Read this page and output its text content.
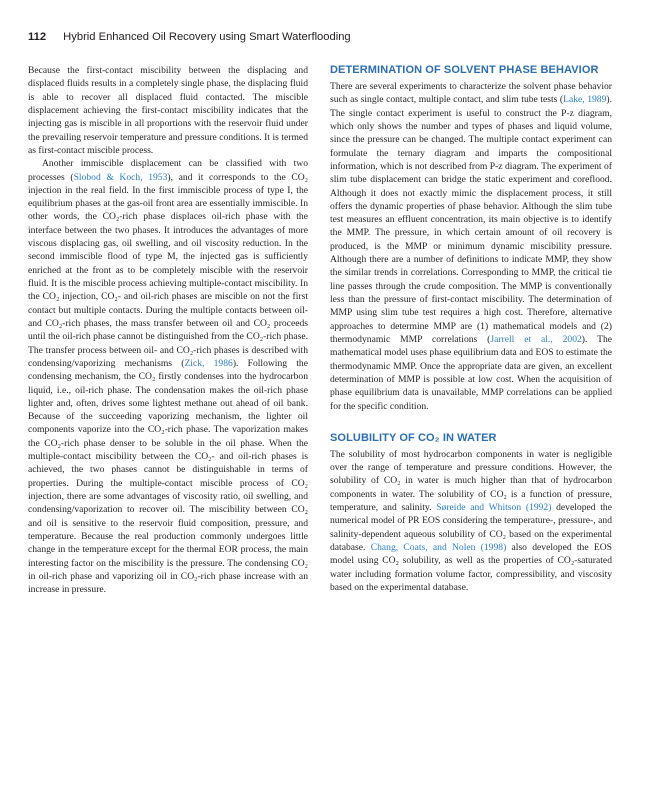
112 Hybrid Enhanced Oil Recovery using Smart Waterflooding

Because the first-contact miscibility between the displacing and displaced fluids results in a completely single phase, the displacing fluid is able to recover all displaced fluid contacted. The miscible displacement achieving the first-contact miscibility indicates that the injecting gas is miscible in all proportions with the reservoir fluid under the prevailing reservoir temperature and pressure conditions. It is termed as first-contact miscible process.

Another immiscible displacement can be classified with two processes (Slobod & Koch, 1953), and it corresponds to the CO₂ injection in the real field. In the first immiscible process of type I, the equilibrium phases at the gas-oil front area are essentially immiscible. In other words, the CO₂-rich phase displaces oil-rich phase with the interface between the two phases. It introduces the advantages of more viscous displacing gas, oil swelling, and oil viscosity reduction. In the second immiscible flood of type M, the injected gas is sufficiently enriched at the front as to be completely miscible with the reservoir fluid. It is the miscible process achieving multiple-contact miscibility. In the CO₂ injection, CO₂- and oil-rich phases are miscible on not the first contact but multiple contacts. During the multiple contacts between oil- and CO₂-rich phases, the mass transfer between oil and CO₂ proceeds until the oil-rich phase cannot be distinguished from the CO₂-rich phase. The transfer process between oil- and CO₂-rich phases is described with condensing/vaporizing mechanisms (Zick, 1986). Following the condensing mechanism, the CO₂ firstly condenses into the hydrocarbon liquid, i.e., oil-rich phase. The condensation makes the oil-rich phase lighter and, often, drives some lightest methane out ahead of oil bank. Because of the succeeding vaporizing mechanism, the lighter oil components vaporize into the CO₂-rich phase. The vaporization makes the CO₂-rich phase denser to be soluble in the oil phase. When the multiple-contact miscibility between the CO₂- and oil-rich phases is achieved, the two phases cannot be distinguishable in terms of properties. During the multiple-contact miscible process of CO₂ injection, there are some advantages of viscosity ratio, oil swelling, and condensing/vaporization to recover oil. The miscibility between CO₂ and oil is sensitive to the reservoir fluid composition, pressure, and temperature. Because the real production commonly undergoes little change in the temperature except for the thermal EOR process, the main interesting factor on the miscibility is the pressure. The condensing CO₂ in oil-rich phase and vaporizing oil in CO₂-rich phase increase with an increase in pressure.

DETERMINATION OF SOLVENT PHASE BEHAVIOR

There are several experiments to characterize the solvent phase behavior such as single contact, multiple contact, and slim tube tests (Lake, 1989). The single contact experiment is useful to construct the P-z diagram, which only shows the number and types of phases and liquid volume, since the pressure can be changed. The multiple contact experiment can formulate the ternary diagram and imparts the compositional information, which is not described from P-z diagram. The experiment of slim tube displacement can bridge the static experiment and coreflood. Although it does not exactly mimic the displacement process, it still offers the dynamic properties of phase behavior. Although the slim tube test measures an effluent concentration, its main objective is to identify the MMP. The pressure, in which certain amount of oil recovery is produced, is the MMP or minimum dynamic miscibility pressure. Although there are a number of definitions to indicate MMP, they show the similar trends in correlations. Corresponding to MMP, the critical tie line passes through the crude composition. The MMP is conventionally less than the pressure of first-contact miscibility. The determination of MMP using slim tube test requires a high cost. Therefore, alternative approaches to determine MMP are (1) mathematical models and (2) thermodynamic MMP correlations (Jarrell et al., 2002). The mathematical model uses phase equilibrium data and EOS to estimate the thermodynamic MMP. Once the appropriate data are given, an excellent determination of MMP is possible at low cost. When the acquisition of phase equilibrium data is unavailable, MMP correlations can be applied for the specific condition.

SOLUBILITY OF CO₂ IN WATER

The solubility of most hydrocarbon components in water is negligible over the range of temperature and pressure conditions. However, the solubility of CO₂ in water is much higher than that of hydrocarbon components in water. The solubility of CO₂ is a function of pressure, temperature, and salinity. Søreide and Whitson (1992) developed the numerical model of PR EOS considering the temperature-, pressure-, and salinity-dependent aqueous solubility of CO₂ based on the experimental database. Chang, Coats, and Nolen (1998) also developed the EOS model using CO₂ solubility, as well as the properties of CO₂-saturated water including formation volume factor, compressibility, and viscosity based on the experimental database.
